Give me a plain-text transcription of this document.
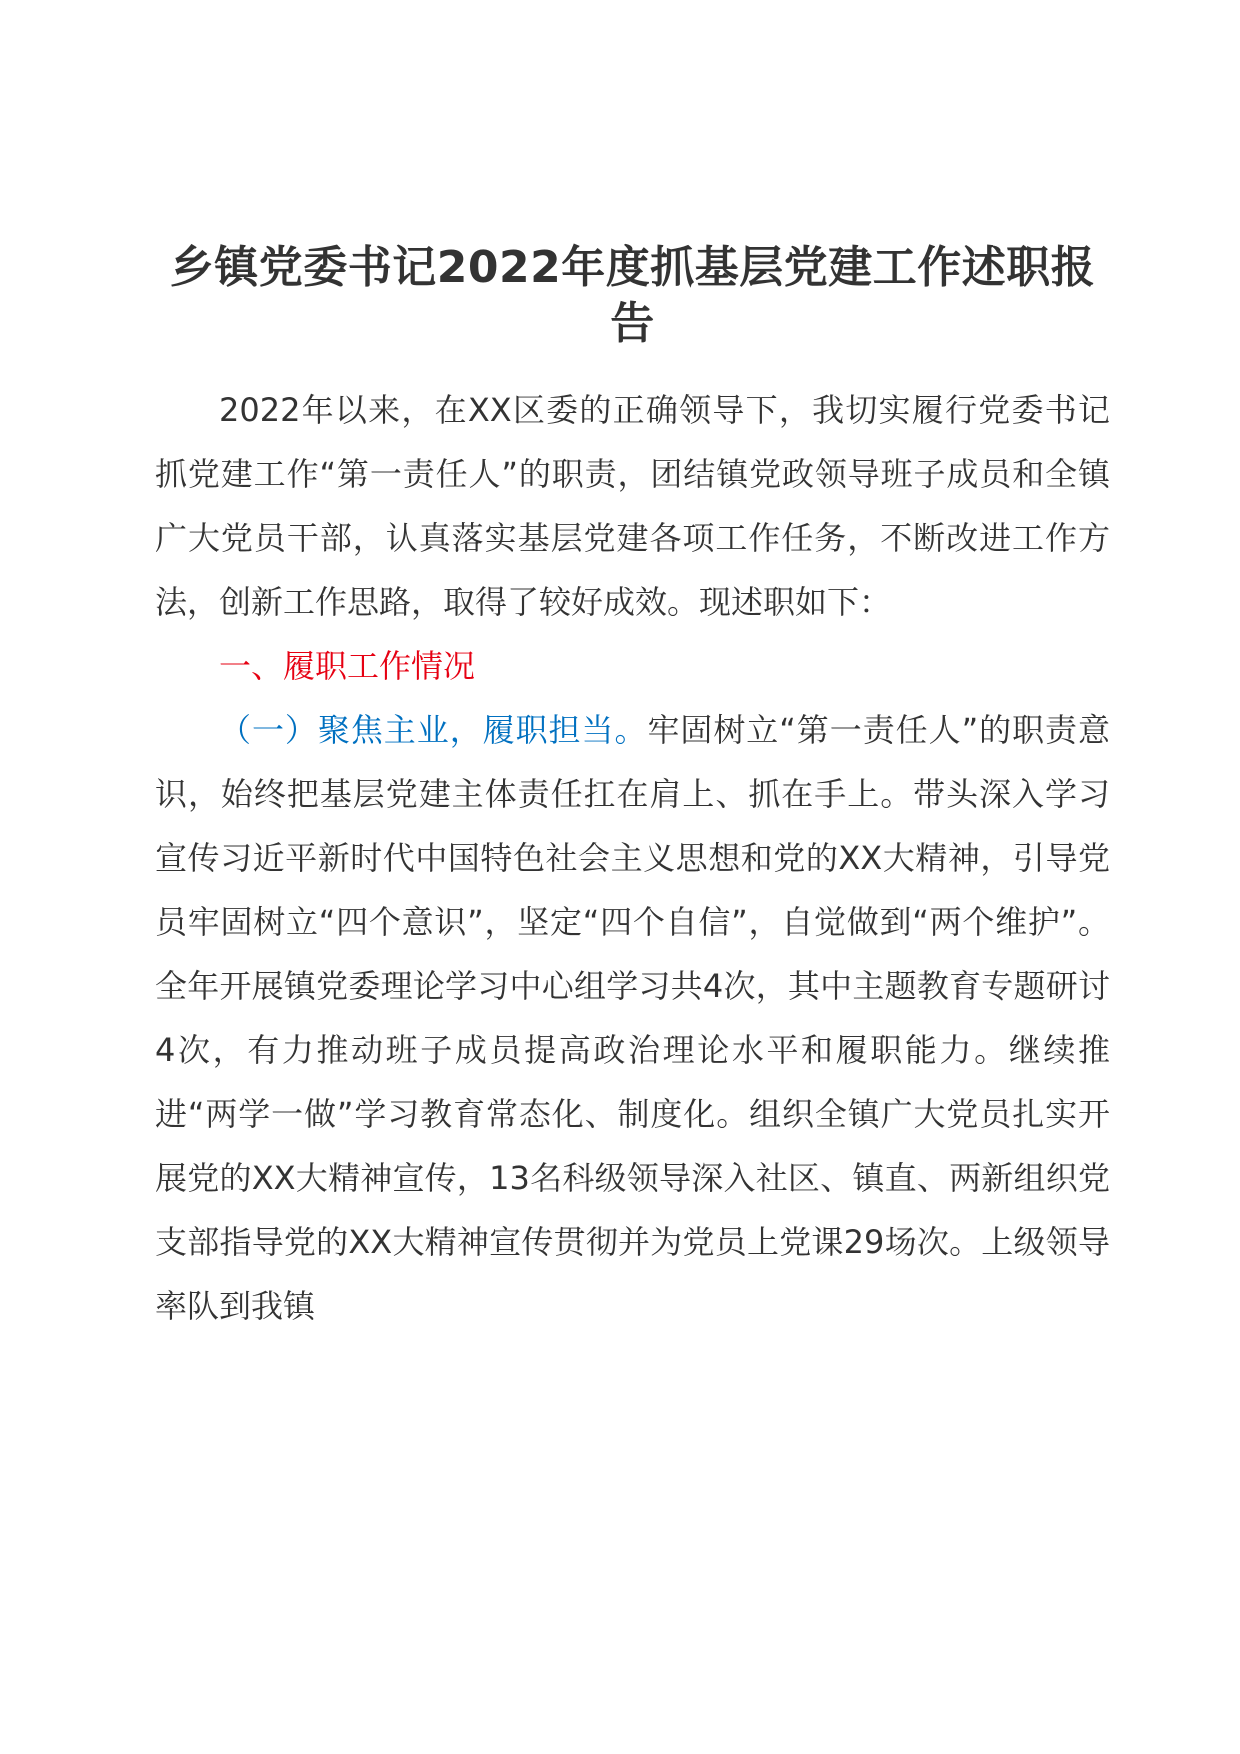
乡镇党委书记2022年度抓基层党建工作述职报告

2022年以来，在XX区委的正确领导下，我切实履行党委书记抓党建工作“第一责任人”的职责，团结镇党政领导班子成员和全镇广大党员干部，认真落实基层党建各项工作任务，不断改进工作方法，创新工作思路，取得了较好成效。现述职如下：

一、履职工作情况

（一）聚焦主业，履职担当。牢固树立“第一责任人”的职责意识，始终把基层党建主体责任扛在肩上、抓在手上。带头深入学习宣传习近平新时代中国特色社会主义思想和党的XX大精神，引导党员牢固树立“四个意识”，坚定“四个自信”，自觉做到“两个维护”。全年开展镇党委理论学习中心组学习共4次，其中主题教育专题研讨4次，有力推动班子成员提高政治理论水平和履职能力。继续推进“两学一做”学习教育常态化、制度化。组织全镇广大党员扎实开展党的XX大精神宣传，13名科级领导深入社区、镇直、两新组织党支部指导党的XX大精神宣传贯彻并为党员上党课29场次。上级领导率队到我镇
